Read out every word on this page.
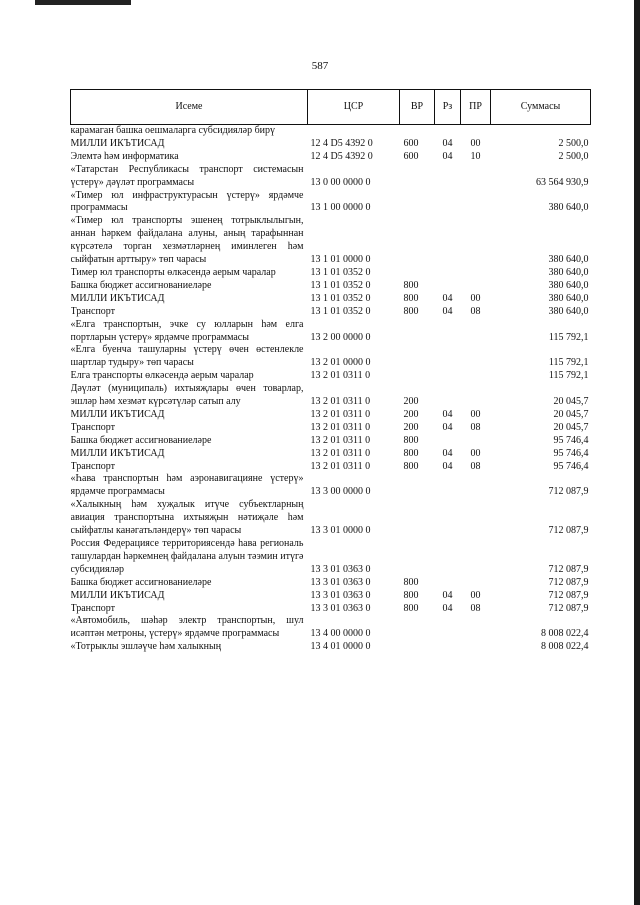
587
Исеме	ЦСР	ВР	Рз	ПР	Суммасы
карамаган башка оешмаларга субсидияләр бирү					
МИЛЛИ ИКЪТИСАД	12 4 D5 4392 0	600	04	00	2 500,0
Элемтә һәм информатика	12 4 D5 4392 0	600	04	10	2 500,0
«Татарстан Республикасы транспорт системасын үстерү» дәүләт программасы	13 0 00 0000 0				63 564 930,9
«Тимер юл инфраструктурасын үстерү» ярдәмче программасы	13 1 00 0000 0				380 640,0
«Тимер юл транспорты эшенең тотрыклылыгын, аннан һәркем файдалана алуны, аның тарафыннан күрсәтелә торган хезмәтләрнең иминлеген һәм сыйфатын арттыру» төп чарасы	13 1 01 0000 0				380 640,0
Тимер юл транспорты өлкәсендә аерым чаралар	13 1 01 0352 0				380 640,0
Башка бюджет ассигнованиеләре	13 1 01 0352 0	800			380 640,0
МИЛЛИ ИКЪТИСАД	13 1 01 0352 0	800	04	00	380 640,0
Транспорт	13 1 01 0352 0	800	04	08	380 640,0
«Елга транспортын, эчке су юлларын һәм елга портларын үстерү» ярдәмче программасы	13 2 00 0000 0				115 792,1
«Елга буенча ташуларны үстерү өчен өстенлекле шартлар тудыру» төп чарасы	13 2 01 0000 0				115 792,1
Елга транспорты өлкәсендә аерым чаралар	13 2 01 0311 0				115 792,1
Дәүләт (муниципаль) ихтыяҗлары өчен товарлар, эшләр һәм хезмәт күрсәтүләр сатып алу	13 2 01 0311 0	200			20 045,7
МИЛЛИ ИКЪТИСАД	13 2 01 0311 0	200	04	00	20 045,7
Транспорт	13 2 01 0311 0	200	04	08	20 045,7
Башка бюджет ассигнованиеләре	13 2 01 0311 0	800			95 746,4
МИЛЛИ ИКЪТИСАД	13 2 01 0311 0	800	04	00	95 746,4
Транспорт	13 2 01 0311 0	800	04	08	95 746,4
«Һава транспортын һәм аэронавигацияне үстерү» ярдәмче программасы	13 3 00 0000 0				712 087,9
«Халыкның һәм хуҗалык итүче субъектларның авиация транспортына ихтыяҗын нәтиҗәле һәм сыйфатлы канәгатьләндерү» төп чарасы	13 3 01 0000 0				712 087,9
Россия Федерациясе территориясендә һава региональ ташулардан һәркемнең файдалана алуын тәэмин итүгә субсидияләр	13 3 01 0363 0				712 087,9
Башка бюджет ассигнованиеләре	13 3 01 0363 0	800			712 087,9
МИЛЛИ ИКЪТИСАД	13 3 01 0363 0	800	04	00	712 087,9
Транспорт	13 3 01 0363 0	800	04	08	712 087,9
«Автомобиль, шәһәр электр транспортын, шул исәптән метроны, үстерү» ярдәмче программасы	13 4 00 0000 0				8 008 022,4
«Тотрыклы эшләүче һәм халыкның	13 4 01 0000 0				8 008 022,4
